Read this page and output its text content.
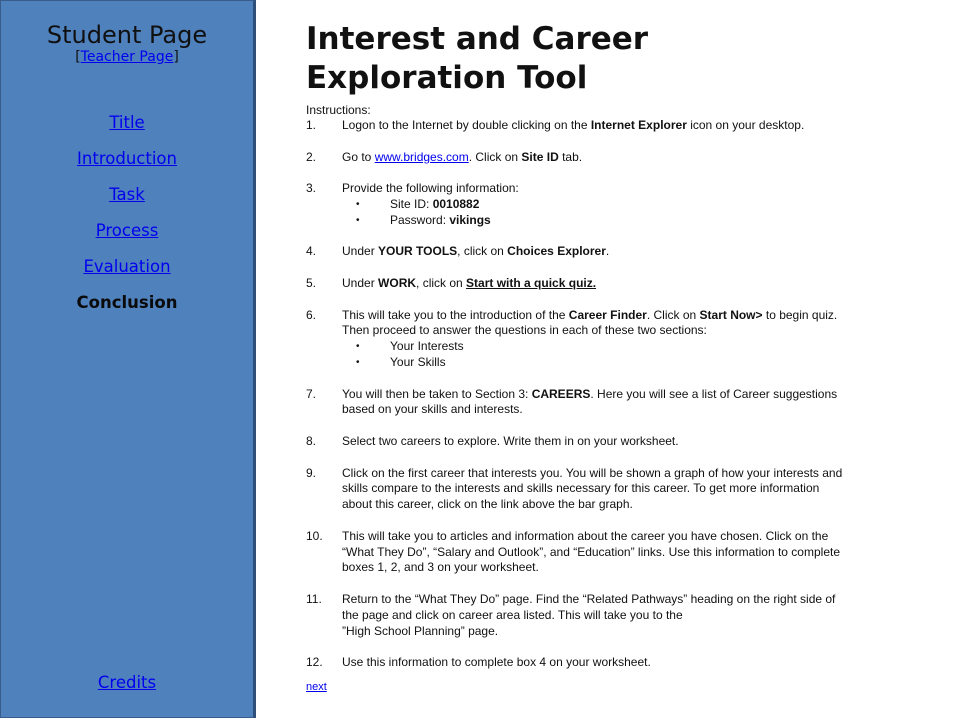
Student Page
[Teacher Page]
Title
Introduction
Task
Process
Evaluation
Conclusion
Credits
Interest and Career
Exploration Tool
Instructions:
1. Logon to the Internet by double clicking on the Internet Explorer icon on your desktop.
2. Go to www.bridges.com. Click on Site ID tab.
3. Provide the following information:
•	Site ID: 0010882
•	Password: vikings
4. Under YOUR TOOLS, click on Choices Explorer.
5. Under WORK, click on Start with a quick quiz.
6. This will take you to the introduction of the Career Finder. Click on Start Now> to begin quiz.
Then proceed to answer the questions in each of these two sections:
•	Your Interests
•	Your Skills
7. You will then be taken to Section 3: CAREERS. Here you will see a list of Career suggestions
based on your skills and interests.
8. Select two careers to explore. Write them in on your worksheet.
9. Click on the first career that interests you. You will be shown a graph of how your interests and
skills compare to the interests and skills necessary for this career. To get more information
about this career, click on the link above the bar graph.
10. This will take you to articles and information about the career you have chosen. Click on the
“What They Do”, “Salary and Outlook”, and “Education” links. Use this information to complete
boxes 1, 2, and 3 on your worksheet.
11. Return to the “What They Do” page. Find the “Related Pathways” heading on the right side of
the page and click on career area listed. This will take you to the
”High School Planning” page.
12. Use this information to complete box 4 on your worksheet.
next
